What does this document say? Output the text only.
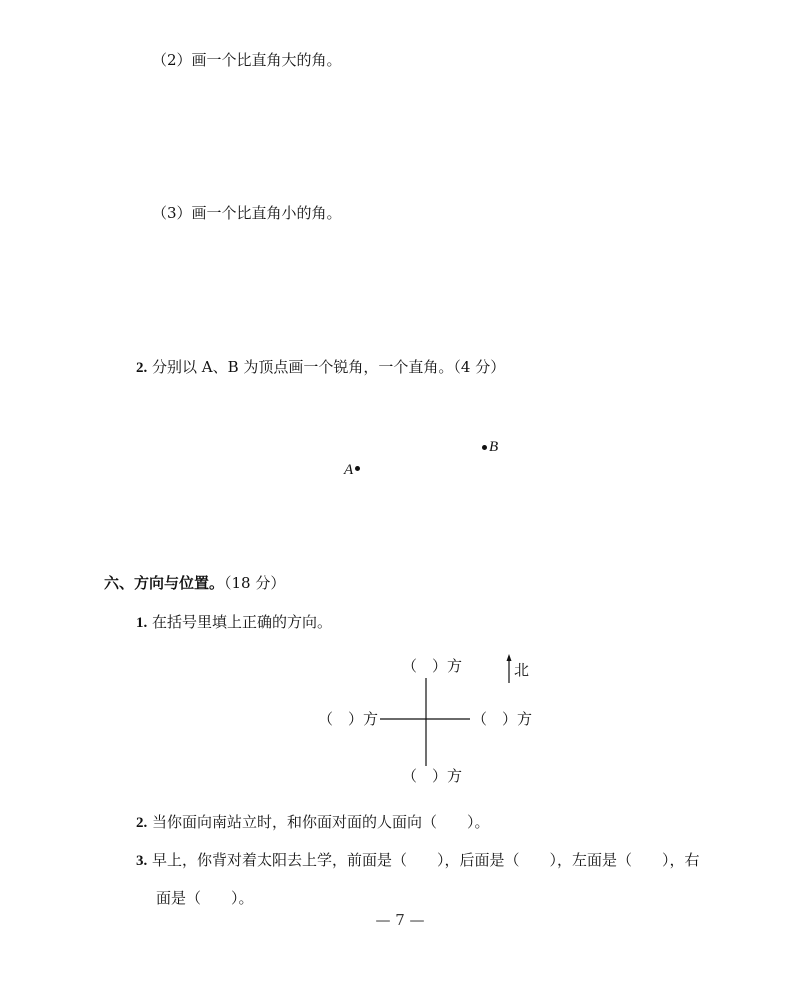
（2）画一个比直角大的角。
（3）画一个比直角小的角。
2. 分别以 A、B 为顶点画一个锐角，一个直角。（4 分）
A
B
六、方向与位置。（18 分）
1. 在括号里填上正确的方向。
（　）方	北
（　）方	（　）方
（　）方
2. 当你面向南站立时，和你面对面的人面向（　　）。
3. 早上，你背对着太阳去上学，前面是（　　），后面是（　　），左面是（　　），右
面是（　　）。
— 7 —
